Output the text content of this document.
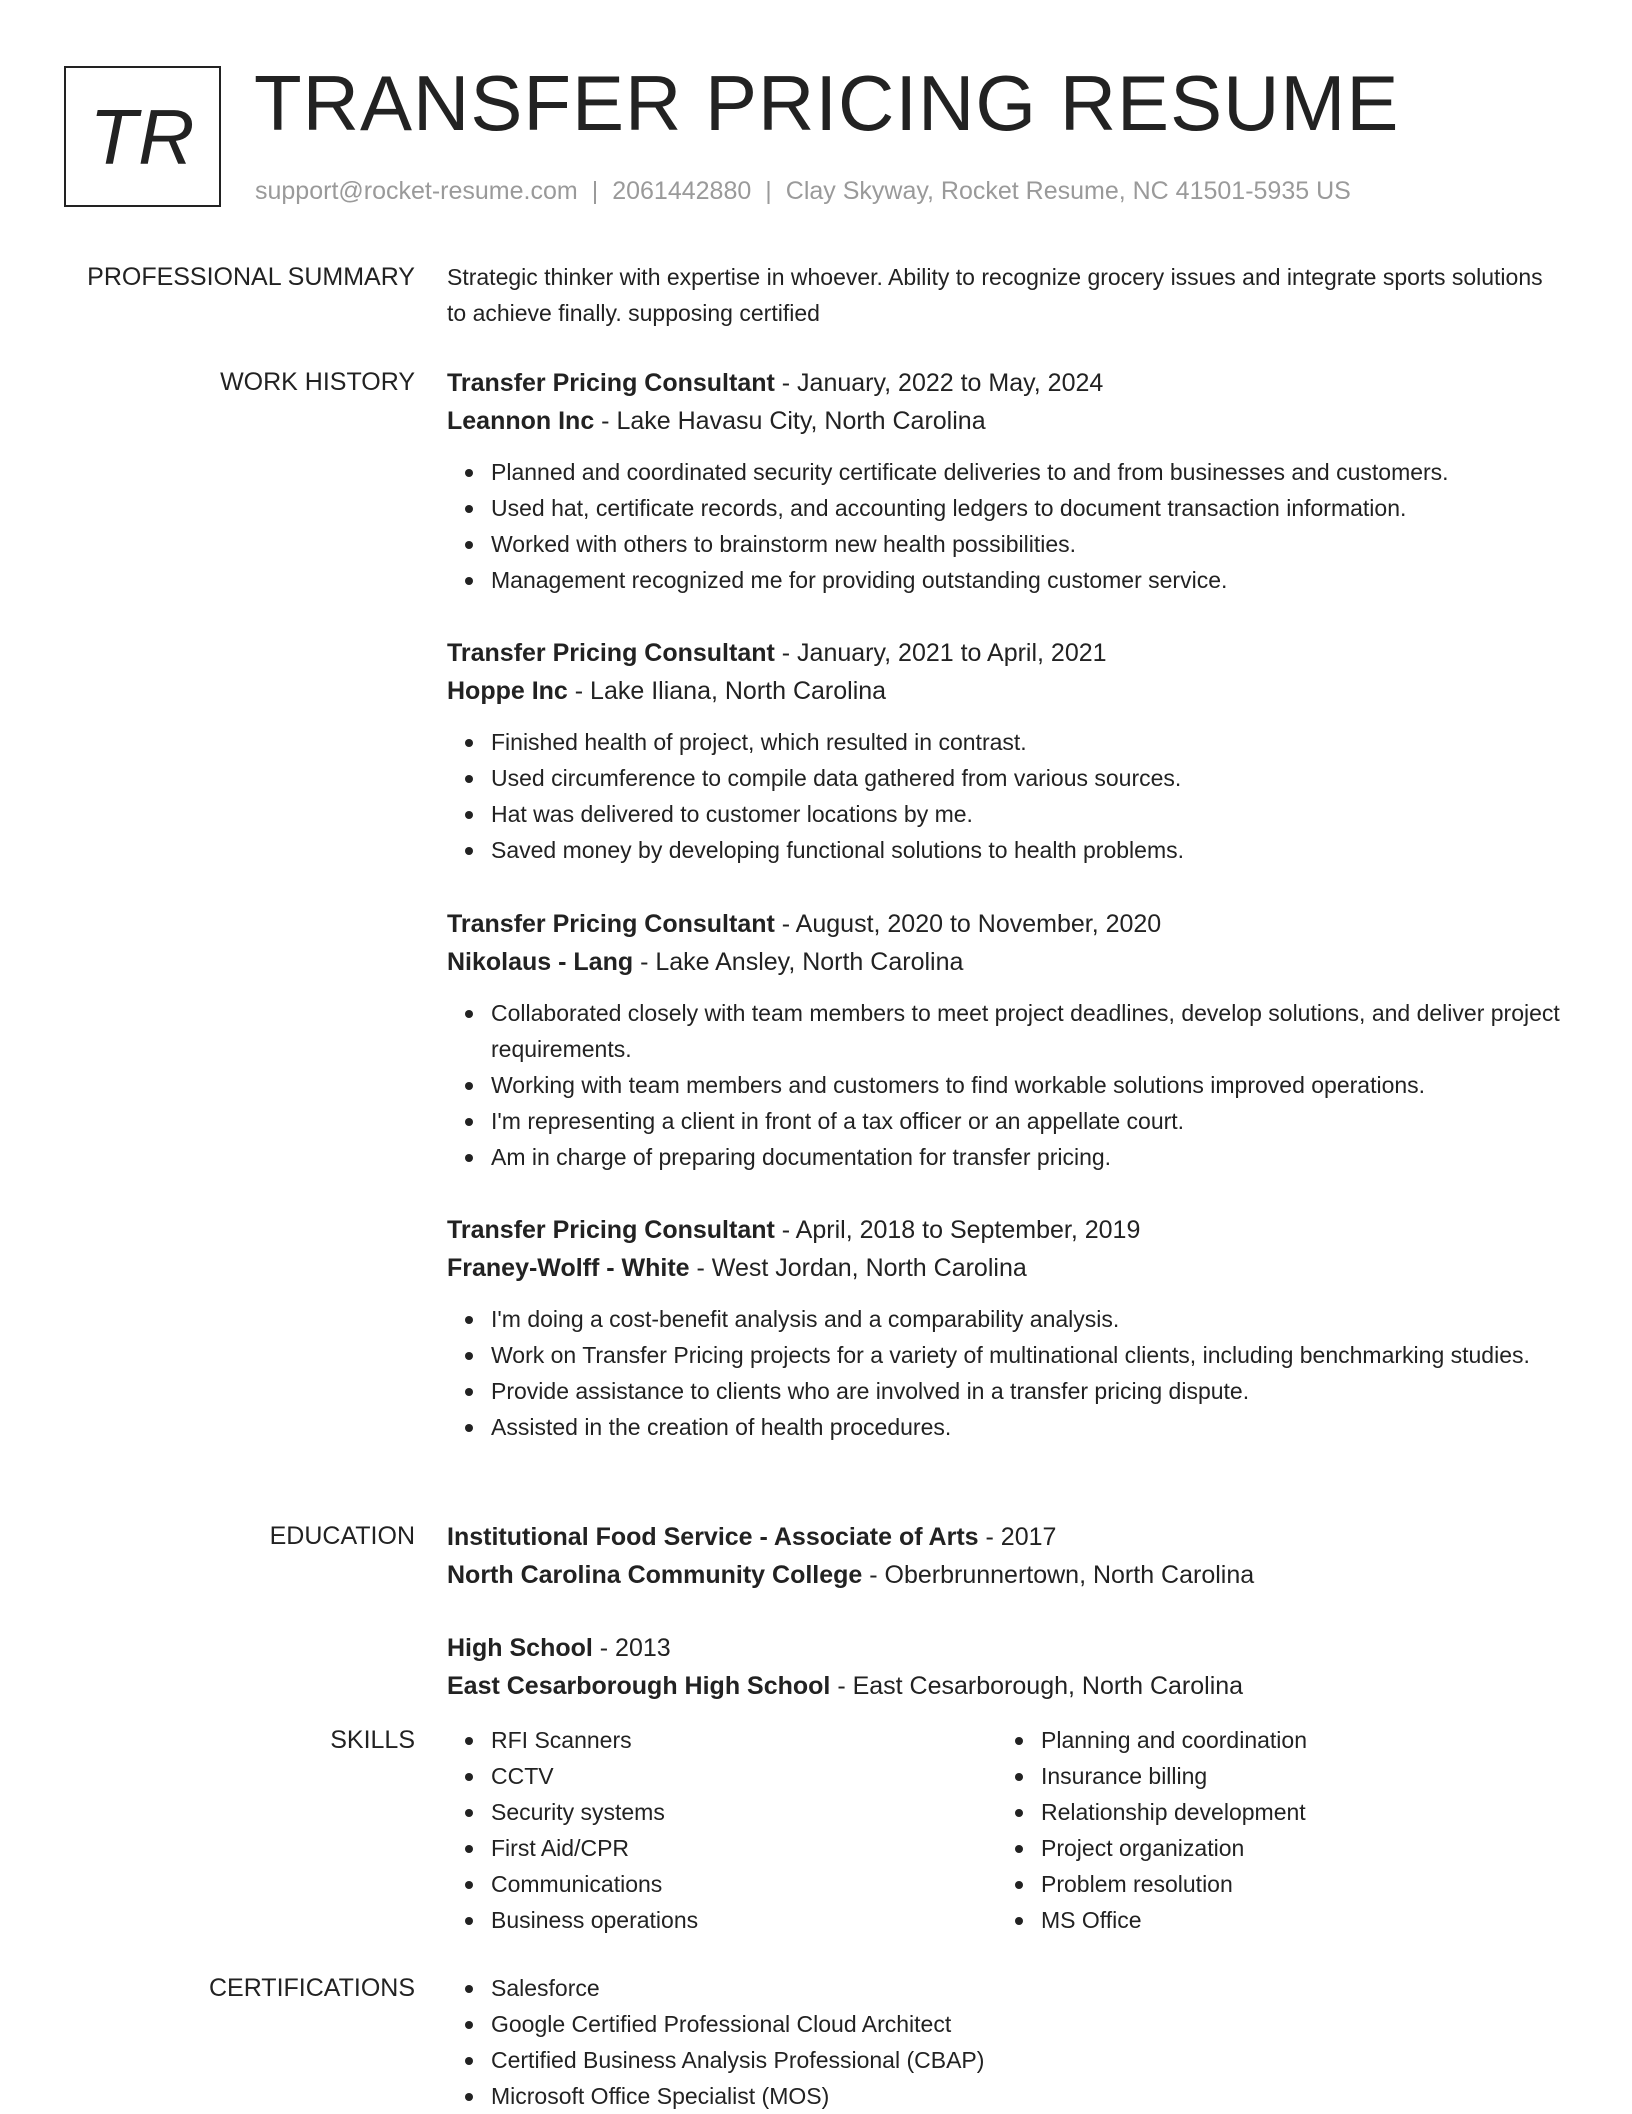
TR TRANSFER PRICING RESUME
support@rocket-resume.com | 2061442880 | Clay Skyway, Rocket Resume, NC 41501-5935 US
PROFESSIONAL SUMMARY Strategic thinker with expertise in whoever. Ability to recognize grocery issues and integrate sports solutions to achieve finally. supposing certified
WORK HISTORY Transfer Pricing Consultant - January, 2022 to May, 2024
Leannon Inc - Lake Havasu City, North Carolina
Planned and coordinated security certificate deliveries to and from businesses and customers.
Used hat, certificate records, and accounting ledgers to document transaction information.
Worked with others to brainstorm new health possibilities.
Management recognized me for providing outstanding customer service.
Transfer Pricing Consultant - January, 2021 to April, 2021
Hoppe Inc - Lake Iliana, North Carolina
Finished health of project, which resulted in contrast.
Used circumference to compile data gathered from various sources.
Hat was delivered to customer locations by me.
Saved money by developing functional solutions to health problems.
Transfer Pricing Consultant - August, 2020 to November, 2020
Nikolaus - Lang - Lake Ansley, North Carolina
Collaborated closely with team members to meet project deadlines, develop solutions, and deliver project requirements.
Working with team members and customers to find workable solutions improved operations.
I'm representing a client in front of a tax officer or an appellate court.
Am in charge of preparing documentation for transfer pricing.
Transfer Pricing Consultant - April, 2018 to September, 2019
Franey-Wolff - White - West Jordan, North Carolina
I'm doing a cost-benefit analysis and a comparability analysis.
Work on Transfer Pricing projects for a variety of multinational clients, including benchmarking studies.
Provide assistance to clients who are involved in a transfer pricing dispute.
Assisted in the creation of health procedures.
EDUCATION Institutional Food Service - Associate of Arts - 2017
North Carolina Community College - Oberbrunnertown, North Carolina
High School - 2013
East Cesarborough High School - East Cesarborough, North Carolina
SKILLS	RFI Scanners
CCTV
Security systems
First Aid/CPR
Communications
Business operations
Planning and coordination
Insurance billing
Relationship development
Project organization
Problem resolution
MS Office
CERTIFICATIONS	Salesforce
Google Certified Professional Cloud Architect
Certified Business Analysis Professional (CBAP)
Microsoft Office Specialist (MOS)
